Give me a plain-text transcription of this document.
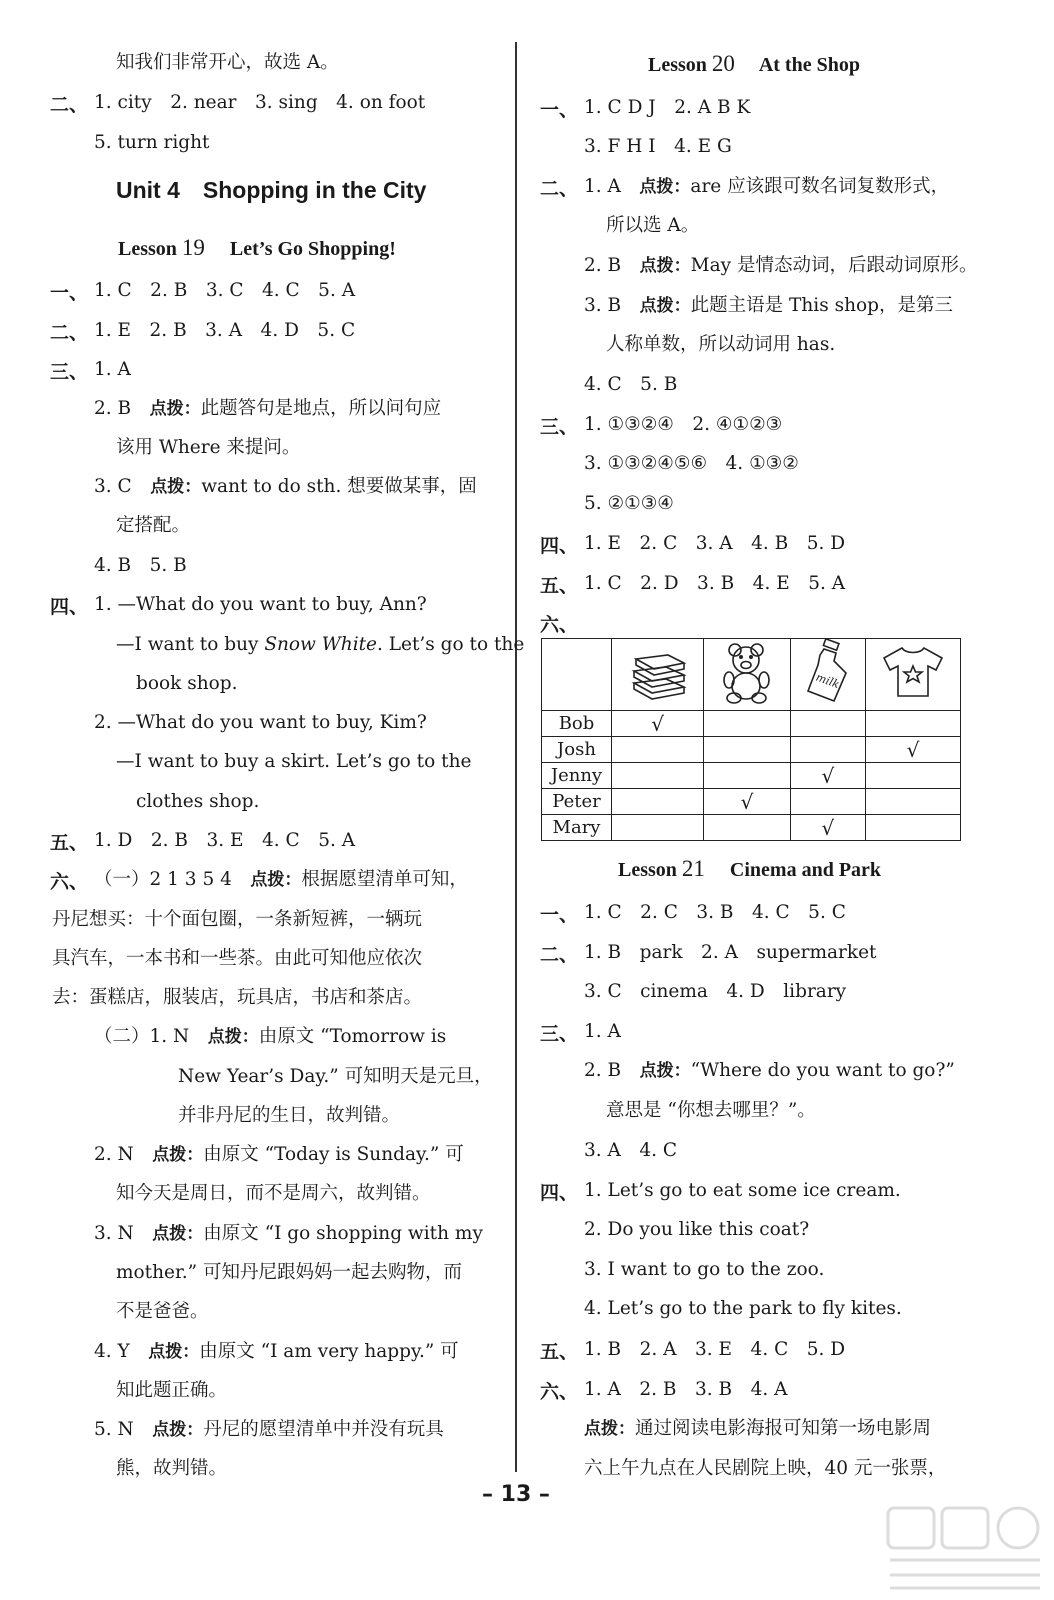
知我们非常开心，故选 A。
二、 1. city　2. near　3. sing　4. on foot
5. turn right
Unit 4　Shopping in the City
Lesson 19　 Let’s Go Shopping!
一、 1. C　2. B　3. C　4. C　5. A
二、 1. E　2. B　3. A　4. D　5. C
三、 1. A
2. B　 点拨：此题答句是地点，所以问句应
该用 Where 来提问。
3. C　 点拨：want to do sth. 想要做某事，固
定搭配。
4. B　5. B
四、 1. —What do you want to buy, Ann?
—I want to buy Snow White. Let’s go to the
book shop.
2. —What do you want to buy, Kim?
—I want to buy a skirt. Let’s go to the
clothes shop.
五、 1. D　2. B　3. E　4. C　5. A
六、 （一）2 1 3 5 4　 点拨：根据愿望清单可知，
丹尼想买：十个面包圈，一条新短裤，一辆玩
具汽车，一本书和一些茶。由此可知他应依次
去：蛋糕店，服装店，玩具店，书店和茶店。
（二）1. N　 点拨：由原文 “Tomorrow is
New Year’s Day.” 可知明天是元旦，
并非丹尼的生日，故判错。
2. N　 点拨：由原文 “Today is Sunday.” 可
知今天是周日，而不是周六，故判错。
3. N　 点拨：由原文 “I go shopping with my
mother.” 可知丹尼跟妈妈一起去购物，而
不是爸爸。
4. Y　 点拨：由原文 “I am very happy.” 可
知此题正确。
5. N　 点拨：丹尼的愿望清单中并没有玩具
熊，故判错。
Lesson 20　 At the Shop
一、 1. C D J　2. A B K
3. F H I　4. E G
二、 1. A　 点拨：are 应该跟可数名词复数形式，
所以选 A。
2. B　 点拨：May 是情态动词，后跟动词原形。
3. B　 点拨：此题主语是 This shop，是第三
人称单数，所以动词用 has.
4. C　5. B
三、 1. ①③②④　2. ④①②③
3. ①③②④⑤⑥　4. ①③②
5. ②①③④
四、 1. E　2. C　3. A　4. B　5. D
五、 1. C　2. D　3. B　4. E　5. A
六、

milk

Bob	√			
Josh				√
Jenny			√	
Peter		√		
Mary			√	
Lesson 21　 Cinema and Park
一、 1. C　2. C　3. B　4. C　5. C
二、 1. B　park　2. A　supermarket
3. C　cinema　4. D　library
三、 1. A
2. B　 点拨：“Where do you want to go?”
意思是 “你想去哪里？”。
3. A　4. C
四、 1. Let’s go to eat some ice cream.
2. Do you like this coat?
3. I want to go to the zoo.
4. Let’s go to the park to fly kites.
五、 1. B　2. A　3. E　4. C　5. D
六、 1. A　2. B　3. B　4. A
点拨：通过阅读电影海报可知第一场电影周
六上午九点在人民剧院上映，40 元一张票，
– 13 –
